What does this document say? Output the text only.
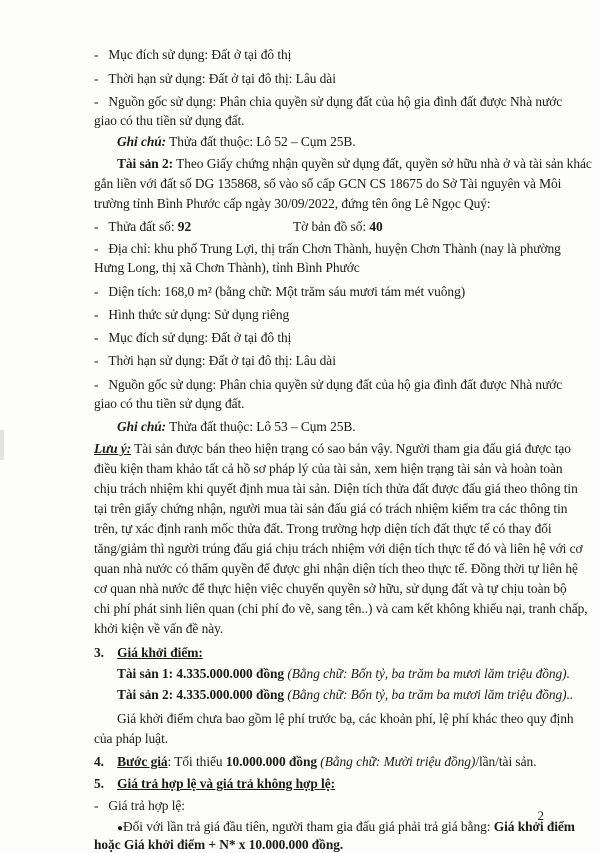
- Mục đích sử dụng: Đất ở tại đô thị
- Thời hạn sử dụng: Đất ở tại đô thị: Lâu dài
- Nguồn gốc sử dụng: Phân chia quyền sử dụng đất của hộ gia đình đất được Nhà nước
giao có thu tiền sử dụng đất.
Ghi chú: Thửa đất thuộc: Lô 52 – Cụm 25B.
Tài sản 2: Theo Giấy chứng nhận quyền sử dụng đất, quyền sở hữu nhà ở và tài sản khác
gắn liền với đất số DG 135868, số vào sổ cấp GCN CS 18675 do Sở Tài nguyên và Môi
trường tỉnh Bình Phước cấp ngày 30/09/2022, đứng tên ông Lê Ngọc Quý:
- Thửa đất số: 92	Tờ bản đồ số: 40
- Địa chỉ: khu phố Trung Lợi, thị trấn Chơn Thành, huyện Chơn Thành (nay là phường
Hưng Long, thị xã Chơn Thành), tỉnh Bình Phước
- Diện tích: 168,0 m² (bằng chữ: Một trăm sáu mươi tám mét vuông)
- Hình thức sử dụng: Sử dụng riêng
- Mục đích sử dụng: Đất ở tại đô thị
- Thời hạn sử dụng: Đất ở tại đô thị: Lâu dài
- Nguồn gốc sử dụng: Phân chia quyền sử dụng đất của hộ gia đình đất được Nhà nước
giao có thu tiền sử dụng đất.
Ghi chú: Thửa đất thuộc: Lô 53 – Cụm 25B.
Lưu ý: Tài sản được bán theo hiện trạng có sao bán vậy. Người tham gia đấu giá được tạo
điều kiện tham khảo tất cả hồ sơ pháp lý của tài sản, xem hiện trạng tài sản và hoàn toàn
chịu trách nhiệm khi quyết định mua tài sản. Diện tích thửa đất được đấu giá theo thông tin
tại trên giấy chứng nhận, người mua tài sản đấu giá có trách nhiệm kiểm tra các thông tin
trên, tự xác định ranh mốc thửa đất. Trong trường hợp diện tích đất thực tế có thay đổi
tăng/giảm thì người trúng đấu giá chịu trách nhiệm với diện tích thực tế đó và liên hệ với cơ
quan nhà nước có thẩm quyền để được ghi nhận diện tích theo thực tế. Đồng thời tự liên hệ
cơ quan nhà nước để thực hiện việc chuyển quyền sở hữu, sử dụng đất và tự chịu toàn bộ
chi phí phát sinh liên quan (chi phí đo vẽ, sang tên..) và cam kết không khiếu nại, tranh chấp,
khởi kiện về vấn đề này.
3. Giá khởi điểm:
Tài sản 1: 4.335.000.000 đồng (Bằng chữ: Bốn tỷ, ba trăm ba mươi lăm triệu đồng).
Tài sản 2: 4.335.000.000 đồng (Bằng chữ: Bốn tỷ, ba trăm ba mươi lăm triệu đồng)..
Giá khởi điểm chưa bao gồm lệ phí trước bạ, các khoản phí, lệ phí khác theo quy định
của pháp luật.
4. Bước giá: Tối thiểu 10.000.000 đồng (Bằng chữ: Mười triệu đồng)/lần/tài sản.
5. Giá trả hợp lệ và giá trả không hợp lệ:
- Giá trả hợp lệ:
●Đối với lần trả giá đầu tiên, người tham gia đấu giá phải trả giá bằng: Giá khởi điểm
hoặc Giá khởi điểm + N* x 10.000.000 đồng.
2
